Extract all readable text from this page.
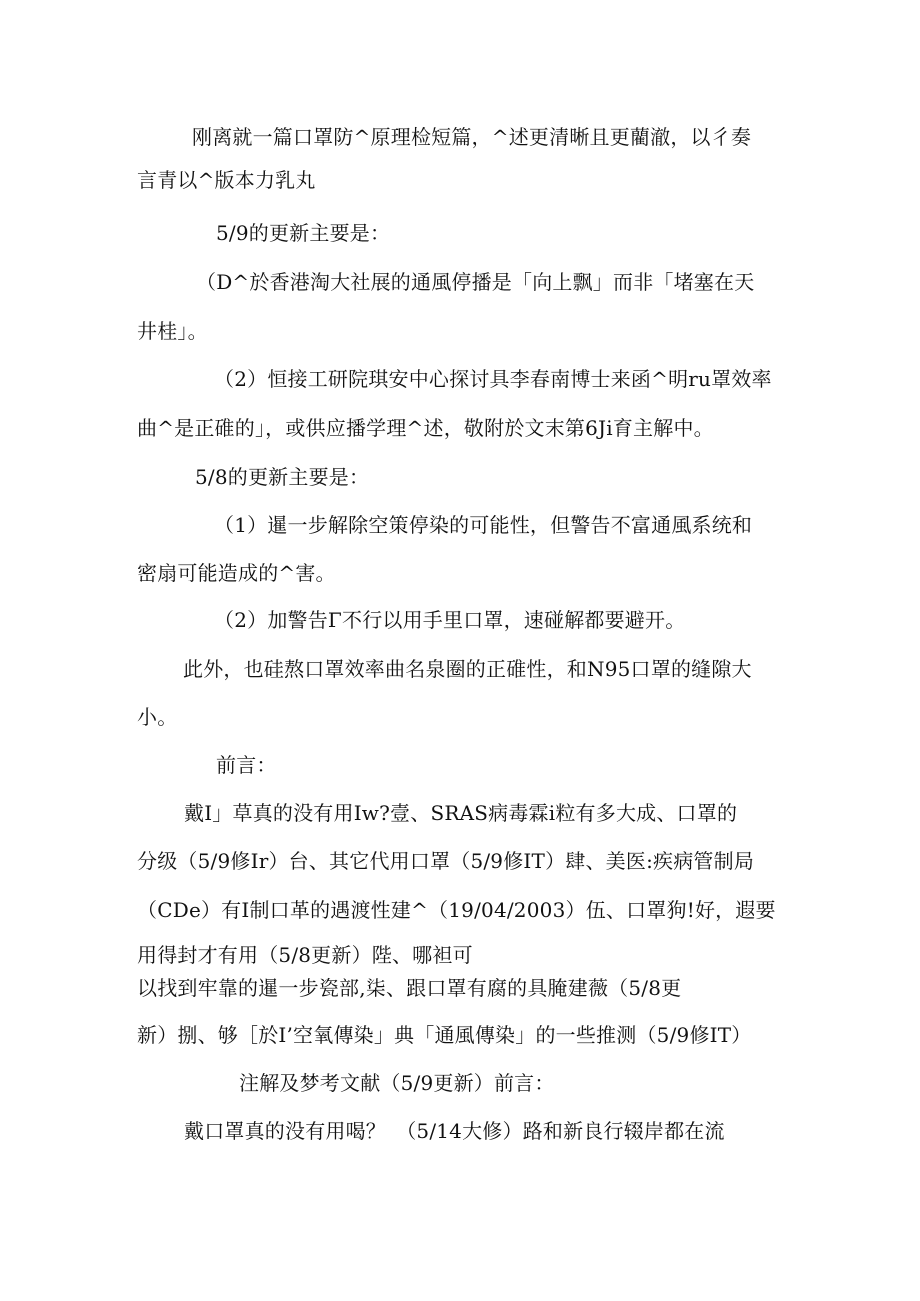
刚离就一篇口罩防^原理检短篇，^述更清晰且更藺澈，以彳奏
言青以^版本力乳丸
5/9的更新主要是：
（D^於香港淘大社展的通風停播是「向上飘」而非「堵塞在天
井桂」。
（2）恒接工研院琪安中心探讨具李春南博士来函^明ru罩效率
曲^是正碓的」，或供应播学理^述，敬附於文末第6Ji育主解中。
5/8的更新主要是：
（1）暹一步解除空策停染的可能性，但警告不富通風系统和
密扇可能造成的^害。
（2）加警告Γ不行以用手里口罩，速碰解都要避开。
此外，也硅熬口罩效率曲名泉圈的正碓性，和N95口罩的缝隙大
小。
前言：
戴I」草真的没有用Iw?壹、SRAS病毒霖i粒有多大成、口罩的
分级（5/9修Ir）台、其它代用口罩（5/9修IT）肆、美医:疾病管制局
（CDe）有I制口革的遇渡性建^（19/04/2003）伍、口罩狗!好，遐要
用得封才有用（5/8更新）陛、哪袒可
以找到牢靠的暹一步瓷部,柒、跟口罩有腐的具腌建薇（5/8更
新）捌、够［於I’空氧傳染」典「通風傳染」的一些推测（5/9修IT）
注解及梦考文献（5/9更新）前言：
戴口罩真的没有用喝？　（5/14大修）路和新良行辍岸都在流
